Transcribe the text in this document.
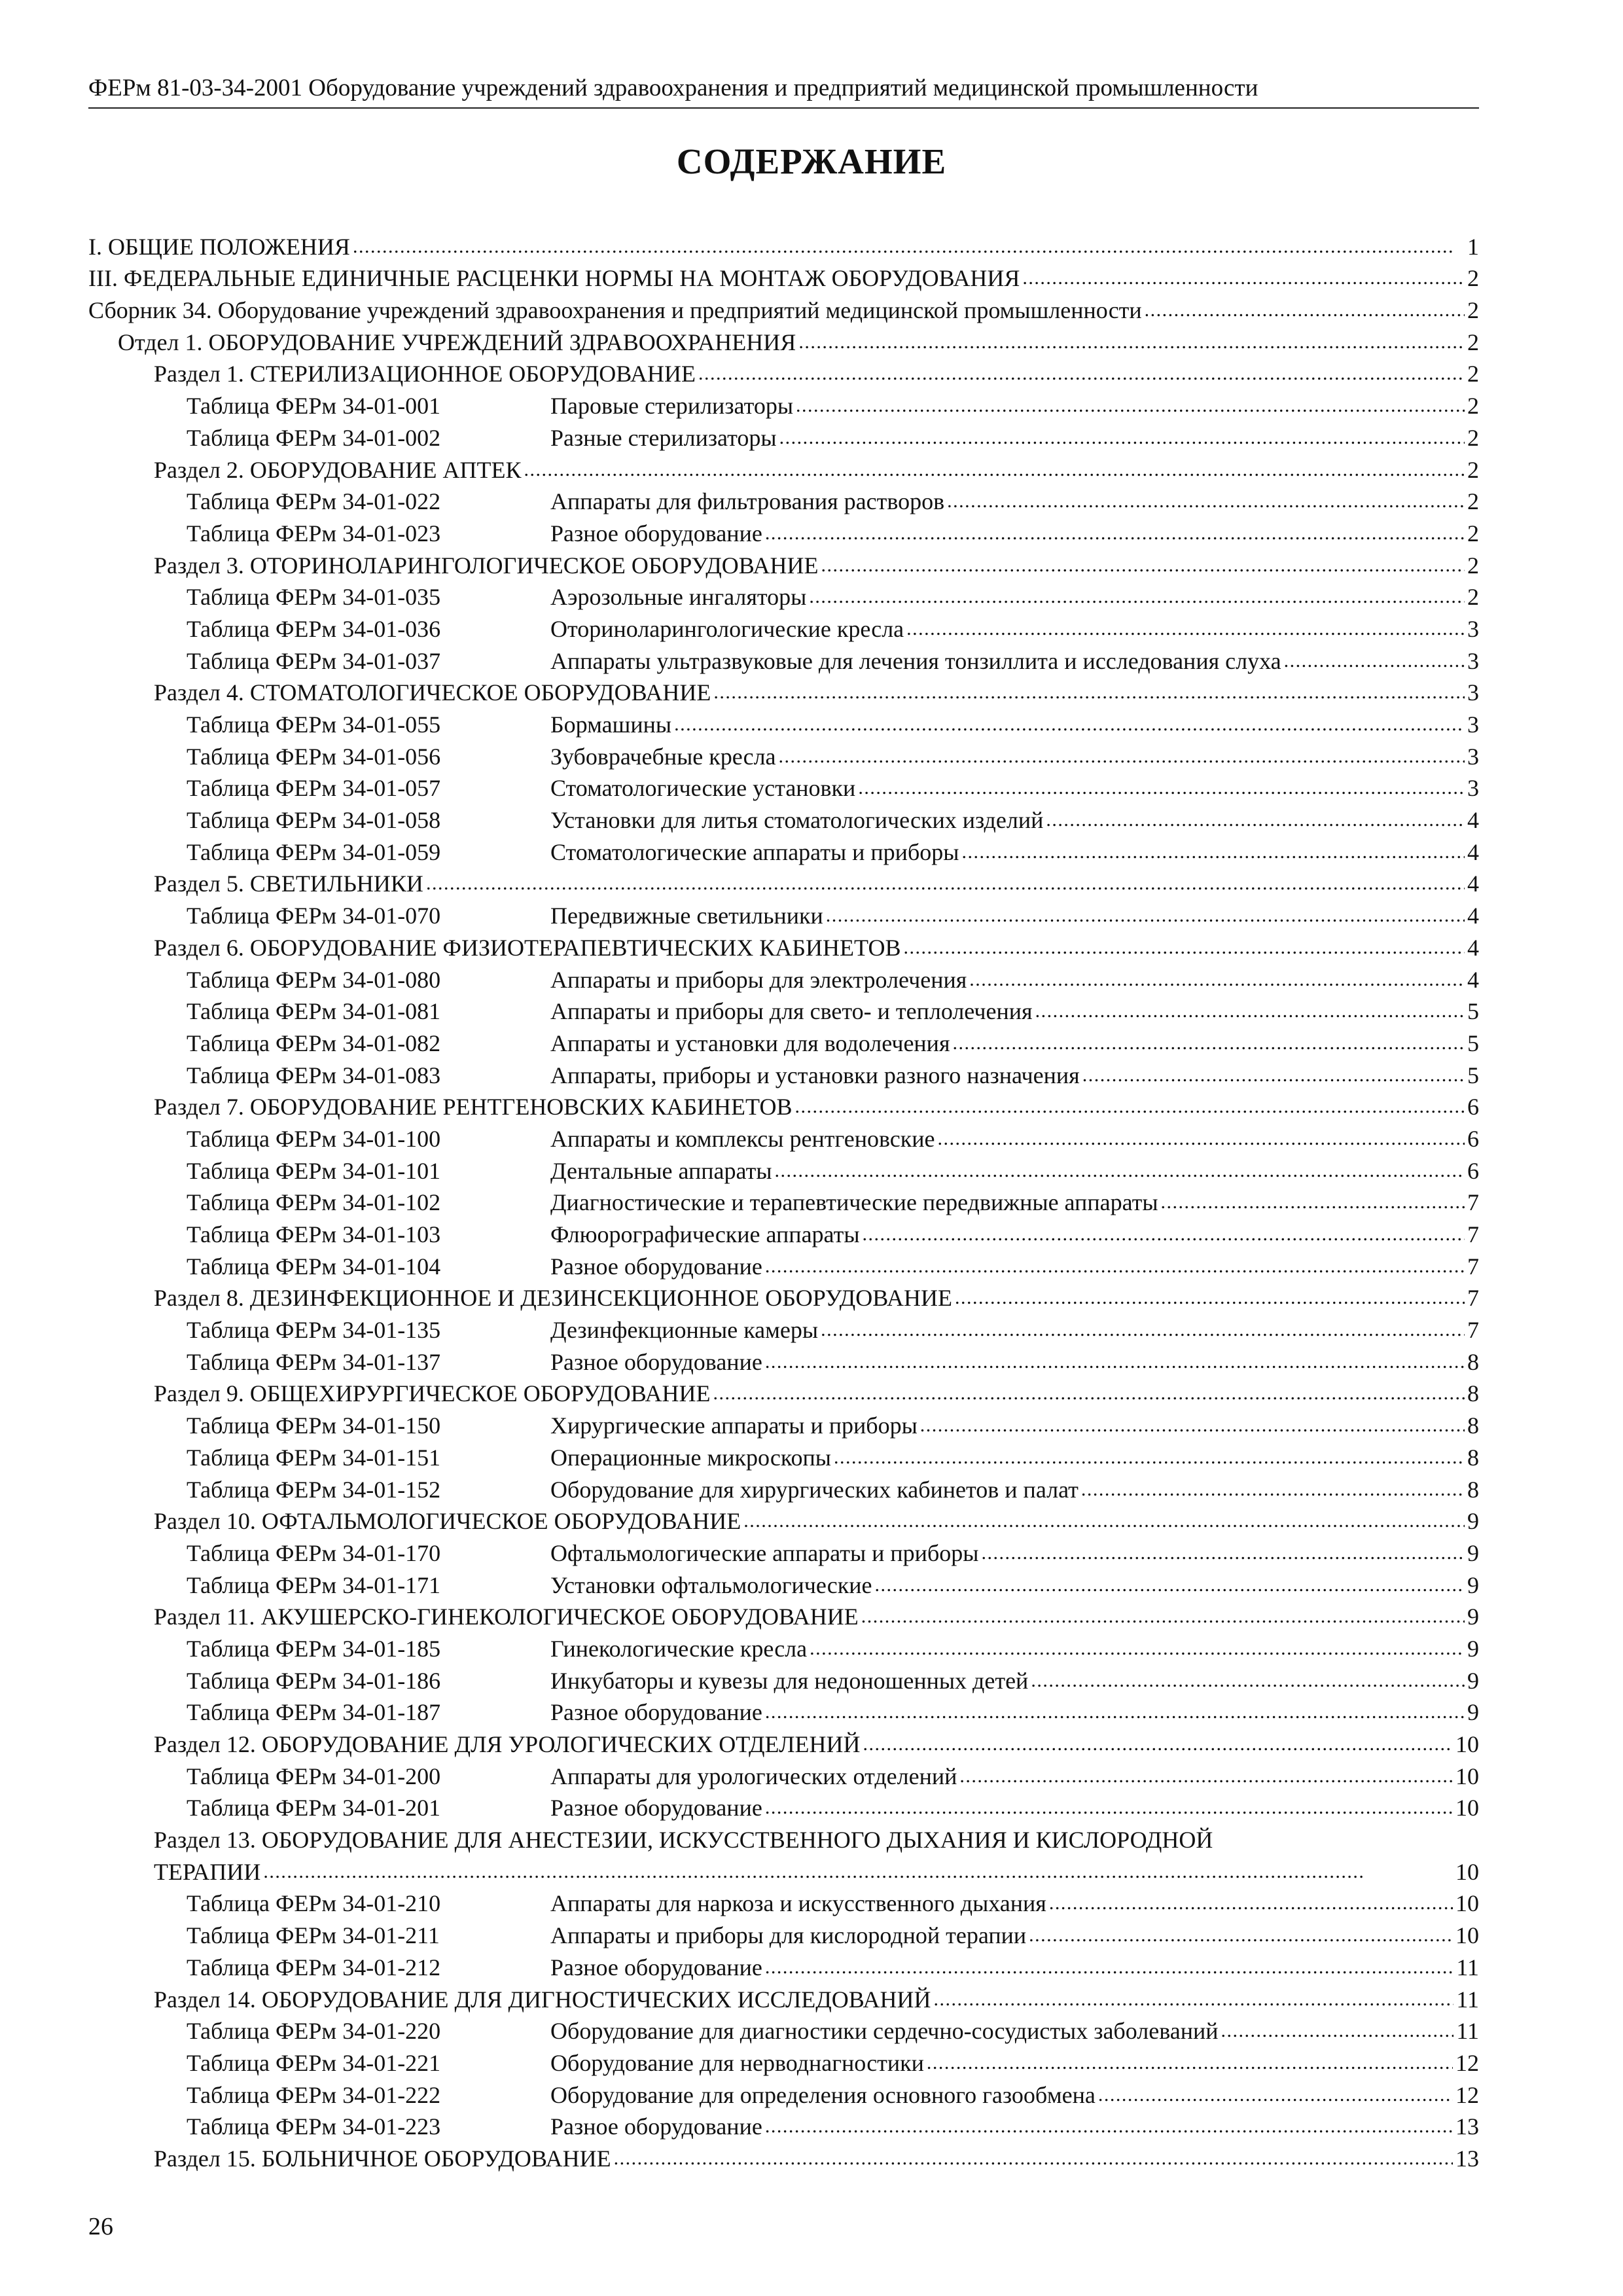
ФЕРм 81-03-34-2001 Оборудование учреждений здравоохранения и предприятий медицинской промышленности
СОДЕРЖАНИЕ
I. ОБЩИЕ ПОЛОЖЕНИЯ . . .	1
III. ФЕДЕРАЛЬНЫЕ ЕДИНИЧНЫЕ РАСЦЕНКИ НОРМЫ НА МОНТАЖ ОБОРУДОВАНИЯ . . .	2
Сборник 34. Оборудование учреждений здравоохранения и предприятий медицинской промышленности . . .	2
Отдел 1. ОБОРУДОВАНИЕ УЧРЕЖДЕНИЙ ЗДРАВООХРАНЕНИЯ . . .	2
Раздел 1. СТЕРИЛИЗАЦИОННОЕ ОБОРУДОВАНИЕ . . .	2
Таблица ФЕРм 34-01-001	Паровые стерилизаторы . . .	2
Таблица ФЕРм 34-01-002	Разные стерилизаторы . . .	2
Раздел 2. ОБОРУДОВАНИЕ АПТЕК . . .	2
Таблица ФЕРм 34-01-022	Аппараты для фильтрования растворов . . .	2
Таблица ФЕРм 34-01-023	Разное оборудование . . .	2
Раздел 3. ОТОРИНОЛАРИНГОЛОГИЧЕСКОЕ ОБОРУДОВАНИЕ . . .	2
Таблица ФЕРм 34-01-035	Аэрозольные ингаляторы . . .	2
Таблица ФЕРм 34-01-036	Оториноларингологические кресла . . .	3
Таблица ФЕРм 34-01-037	Аппараты ультразвуковые для лечения тонзиллита и исследования слуха . . .	3
Раздел 4. СТОМАТОЛОГИЧЕСКОЕ ОБОРУДОВАНИЕ . . .	3
Таблица ФЕРм 34-01-055	Бормашины . . .	3
Таблица ФЕРм 34-01-056	Зубоврачебные кресла . . .	3
Таблица ФЕРм 34-01-057	Стоматологические установки . . .	3
Таблица ФЕРм 34-01-058	Установки для литья стоматологических изделий . . .	4
Таблица ФЕРм 34-01-059	Стоматологические аппараты и приборы . . .	4
Раздел 5. СВЕТИЛЬНИКИ . . .	4
Таблица ФЕРм 34-01-070	Передвижные светильники . . .	4
Раздел 6. ОБОРУДОВАНИЕ ФИЗИОТЕРАПЕВТИЧЕСКИХ КАБИНЕТОВ . . .	4
Таблица ФЕРм 34-01-080	Аппараты и приборы для электролечения . . .	4
Таблица ФЕРм 34-01-081	Аппараты и приборы для свето- и теплолечения . . .	5
Таблица ФЕРм 34-01-082	Аппараты и установки для водолечения . . .	5
Таблица ФЕРм 34-01-083	Аппараты, приборы и установки разного назначения . . .	5
Раздел 7. ОБОРУДОВАНИЕ РЕНТГЕНОВСКИХ КАБИНЕТОВ . . .	6
Таблица ФЕРм 34-01-100	Аппараты и комплексы рентгеновские . . .	6
Таблица ФЕРм 34-01-101	Дентальные аппараты . . .	6
Таблица ФЕРм 34-01-102	Диагностические и терапевтические передвижные аппараты . . .	7
Таблица ФЕРм 34-01-103	Флюорографические аппараты . . .	7
Таблица ФЕРм 34-01-104	Разное оборудование . . .	7
Раздел 8. ДЕЗИНФЕКЦИОННОЕ И ДЕЗИНСЕКЦИОННОЕ ОБОРУДОВАНИЕ . . .	7
Таблица ФЕРм 34-01-135	Дезинфекционные камеры . . .	7
Таблица ФЕРм 34-01-137	Разное оборудование . . .	8
Раздел 9. ОБЩЕХИРУРГИЧЕСКОЕ ОБОРУДОВАНИЕ . . .	8
Таблица ФЕРм 34-01-150	Хирургические аппараты и приборы . . .	8
Таблица ФЕРм 34-01-151	Операционные микроскопы . . .	8
Таблица ФЕРм 34-01-152	Оборудование для хирургических кабинетов и палат . . .	8
Раздел 10. ОФТАЛЬМОЛОГИЧЕСКОЕ ОБОРУДОВАНИЕ . . .	9
Таблица ФЕРм 34-01-170	Офтальмологические аппараты и приборы . . .	9
Таблица ФЕРм 34-01-171	Установки офтальмологические . . .	9
Раздел 11. АКУШЕРСКО-ГИНЕКОЛОГИЧЕСКОЕ ОБОРУДОВАНИЕ . . .	9
Таблица ФЕРм 34-01-185	Гинекологические кресла . . .	9
Таблица ФЕРм 34-01-186	Инкубаторы и кувезы для недоношенных детей . . .	9
Таблица ФЕРм 34-01-187	Разное оборудование . . .	9
Раздел 12. ОБОРУДОВАНИЕ ДЛЯ УРОЛОГИЧЕСКИХ ОТДЕЛЕНИЙ . . .	10
Таблица ФЕРм 34-01-200	Аппараты для урологических отделений . . .	10
Таблица ФЕРм 34-01-201	Разное оборудование . . .	10
Раздел 13. ОБОРУДОВАНИЕ ДЛЯ АНЕСТЕЗИИ, ИСКУССТВЕННОГО ДЫХАНИЯ И КИСЛОРОДНОЙ
ТЕРАПИИ . . .	10
Таблица ФЕРм 34-01-210	Аппараты для наркоза и искусственного дыхания . . .	10
Таблица ФЕРм 34-01-211	Аппараты и приборы для кислородной терапии . . .	10
Таблица ФЕРм 34-01-212	Разное оборудование . . .	11
Раздел 14. ОБОРУДОВАНИЕ ДЛЯ ДИГНОСТИЧЕСКИХ ИССЛЕДОВАНИЙ . . .	11
Таблица ФЕРм 34-01-220	Оборудование для диагностики сердечно-сосудистых заболеваний . . .	11
Таблица ФЕРм 34-01-221	Оборудование для нерводнагностики . . .	12
Таблица ФЕРм 34-01-222	Оборудование для определения основного газообмена . . .	12
Таблица ФЕРм 34-01-223	Разное оборудование . . .	13
Раздел 15. БОЛЬНИЧНОЕ ОБОРУДОВАНИЕ . . .	13
26
